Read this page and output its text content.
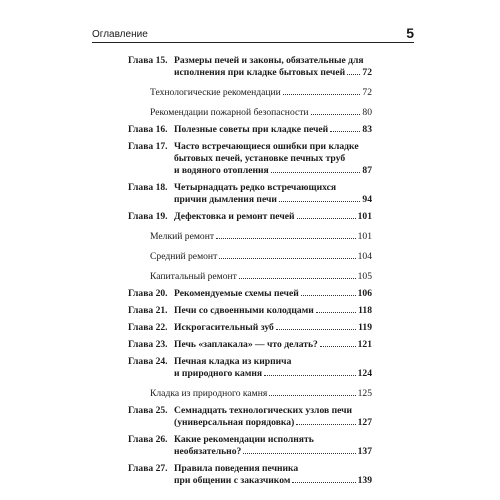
Оглавление	5
Глава 15. Размеры печей и законы, обязательные для
исполнения при кладке бытовых печей 72
Технологические рекомендации	72
Рекомендации пожарной безопасности	80
Глава 16. Полезные советы при кладке печей	83
Глава 17. Часто встречающиеся ошибки при кладке
бытовых печей, установке печных труб
и водяного отопления	87
Глава 18. Четырнадцать редко встречающихся
причин дымления печи	94
Глава 19. Дефектовка и ремонт печей	101
Мелкий ремонт	101
Средний ремонт	104
Капитальный ремонт	105
Глава 20. Рекомендуемые схемы печей	106
Глава 21. Печи со сдвоенными колодцами	118
Глава 22. Искрогасительный зуб	119
Глава 23. Печь «заплакала» — что делать?	121
Глава 24. Печная кладка из кирпича
и природного камня	124
Кладка из природного камня	125
Глава 25. Семнадцать технологических узлов печи
(универсальная порядовка)	127
Глава 26. Какие рекомендации исполнять
необязательно?	137
Глава 27. Правила поведения печника
при общении с заказчиком	139
